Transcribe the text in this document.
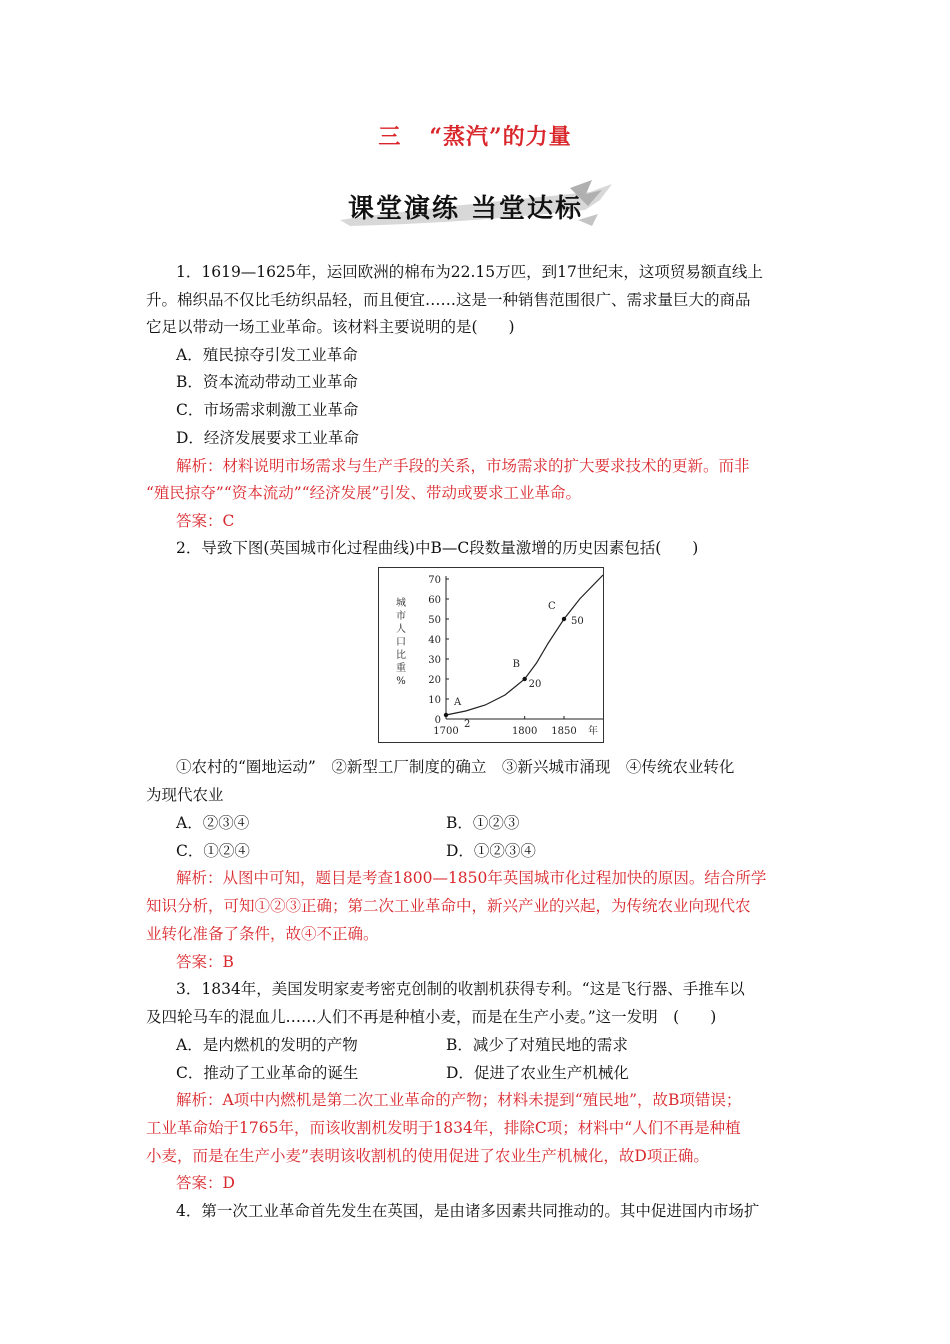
三 “蒸汽”的力量
课堂演练 当堂达标
1．1619—1625年，运回欧洲的棉布为22.15万匹，到17世纪末，这项贸易额直线上
升。棉织品不仅比毛纺织品轻，而且便宜……这是一种销售范围很广、需求量巨大的商品
它足以带动一场工业革命。该材料主要说明的是(　　)
A．殖民掠夺引发工业革命
B．资本流动带动工业革命
C．市场需求刺激工业革命
D．经济发展要求工业革命
解析：材料说明市场需求与生产手段的关系，市场需求的扩大要求技术的更新。而非
“殖民掠夺”“资本流动”“经济发展”引发、带动或要求工业革命。
答案：C
2．导致下图(英国城市化过程曲线)中B—C段数量激增的历史因素包括(　　)
0
10
20
30
40
50
60
70
1700	1800 1850 年
城
市
人
口
比
重
%
A
2
B
20
C
50
①农村的“圈地运动”　②新型工厂制度的确立　③新兴城市涌现　④传统农业转化
为现代农业
A．②③④	B．①②③
C．①②④	D．①②③④
解析：从图中可知，题目是考查1800—1850年英国城市化过程加快的原因。结合所学
知识分析，可知①②③正确；第二次工业革命中，新兴产业的兴起，为传统农业向现代农
业转化准备了条件，故④不正确。
答案：B
3．1834年，美国发明家麦考密克创制的收割机获得专利。“这是飞行器、手推车以
及四轮马车的混血儿……人们不再是种植小麦，而是在生产小麦。”这一发明　(　　)
A．是内燃机的发明的产物	B．减少了对殖民地的需求
C．推动了工业革命的诞生	D．促进了农业生产机械化
解析：A项中内燃机是第二次工业革命的产物；材料未提到“殖民地”，故B项错误；
工业革命始于1765年，而该收割机发明于1834年，排除C项；材料中“人们不再是种植
小麦，而是在生产小麦”表明该收割机的使用促进了农业生产机械化，故D项正确。
答案：D
4．第一次工业革命首先发生在英国，是由诸多因素共同推动的。其中促进国内市场扩
